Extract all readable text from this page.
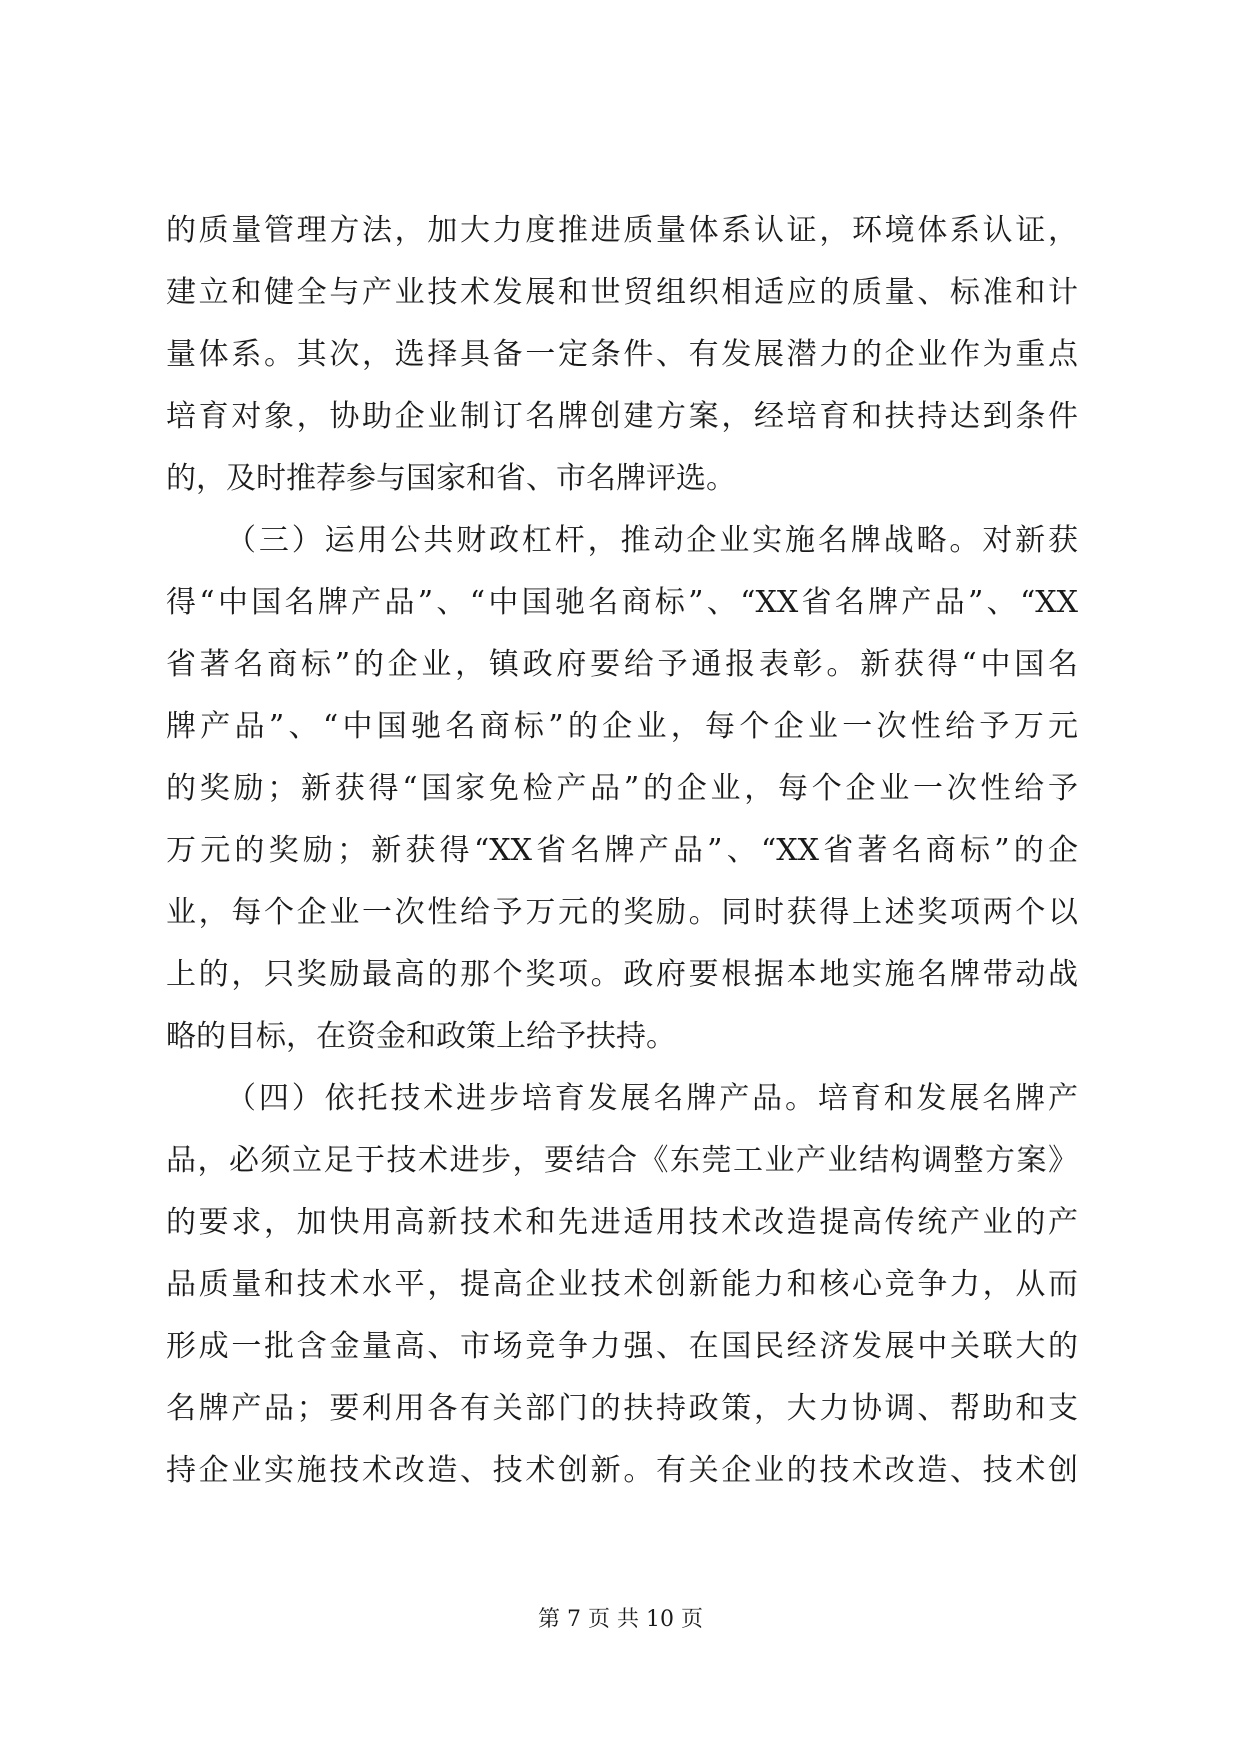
的质量管理方法，加大力度推进质量体系认证，环境体系认证，
建立和健全与产业技术发展和世贸组织相适应的质量、标准和计
量体系。其次，选择具备一定条件、有发展潜力的企业作为重点
培育对象，协助企业制订名牌创建方案，经培育和扶持达到条件
的，及时推荐参与国家和省、市名牌评选。
（三）运用公共财政杠杆，推动企业实施名牌战略。对新获
得“中国名牌产品”、“中国驰名商标”、“XX省名牌产品”、“XX
省著名商标”的企业，镇政府要给予通报表彰。新获得“中国名
牌产品”、“中国驰名商标”的企业，每个企业一次性给予万元
的奖励；新获得“国家免检产品”的企业，每个企业一次性给予
万元的奖励；新获得“XX省名牌产品”、“XX省著名商标”的企
业，每个企业一次性给予万元的奖励。同时获得上述奖项两个以
上的，只奖励最高的那个奖项。政府要根据本地实施名牌带动战
略的目标，在资金和政策上给予扶持。
（四）依托技术进步培育发展名牌产品。培育和发展名牌产
品，必须立足于技术进步，要结合《东莞工业产业结构调整方案》
的要求，加快用高新技术和先进适用技术改造提高传统产业的产
品质量和技术水平，提高企业技术创新能力和核心竞争力，从而
形成一批含金量高、市场竞争力强、在国民经济发展中关联大的
名牌产品；要利用各有关部门的扶持政策，大力协调、帮助和支
持企业实施技术改造、技术创新。有关企业的技术改造、技术创
第 7 页 共 10 页
